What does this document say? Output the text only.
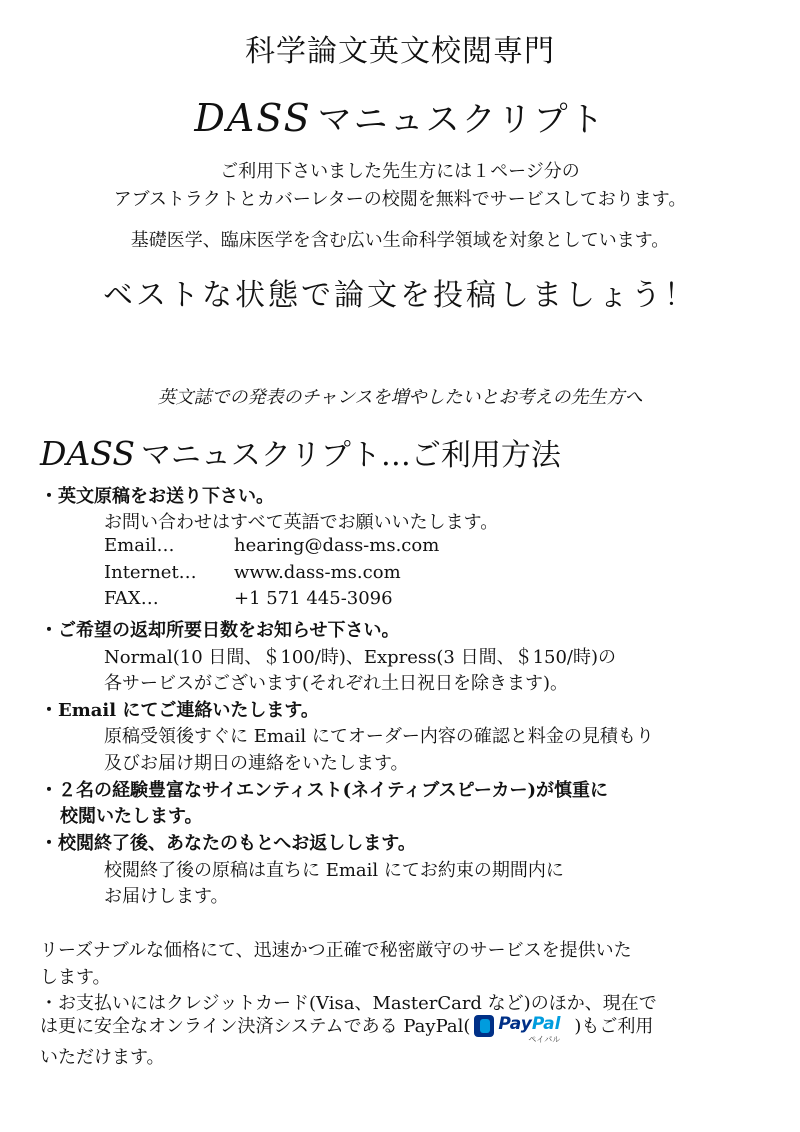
科学論文英文校閲専門
DASS マニュスクリプト
ご利用下さいました先生方には１ページ分の
アブストラクトとカバーレターの校閲を無料でサービスしております。
基礎医学、臨床医学を含む広い生命科学領域を対象としています。
ベストな状態で論文を投稿しましょう！
英文誌での発表のチャンスを増やしたいとお考えの先生方へ
DASS マニュスクリプト…ご利用方法
・英文原稿をお送り下さい。
お問い合わせはすべて英語でお願いいたします。
Email…	hearing@dass-ms.com
Internet… www.dass-ms.com
FAX…	+1 571 445-3096
・ご希望の返却所要日数をお知らせ下さい。
Normal(10 日間、＄100/時)、Express(3 日間、＄150/時)の
各サービスがございます(それぞれ土日祝日を除きます)。
・Email にてご連絡いたします。
原稿受領後すぐに Email にてオーダー内容の確認と料金の見積もり
及びお届け期日の連絡をいたします。
・２名の経験豊富なサイエンティスト(ネイティブスピーカー)が慎重に
校閲いたします。
・校閲終了後、あなたのもとへお返しします。
校閲終了後の原稿は直ちに Email にてお約束の期間内に
お届けします。
リーズナブルな価格にて、迅速かつ正確で秘密厳守のサービスを提供いた
します。
・お支払いにはクレジットカード(Visa、MasterCard など)のほか、現在で
は更に安全なオンライン決済システムである PayPal( PayPal
ペイパル
)もご利用
いただけます。
